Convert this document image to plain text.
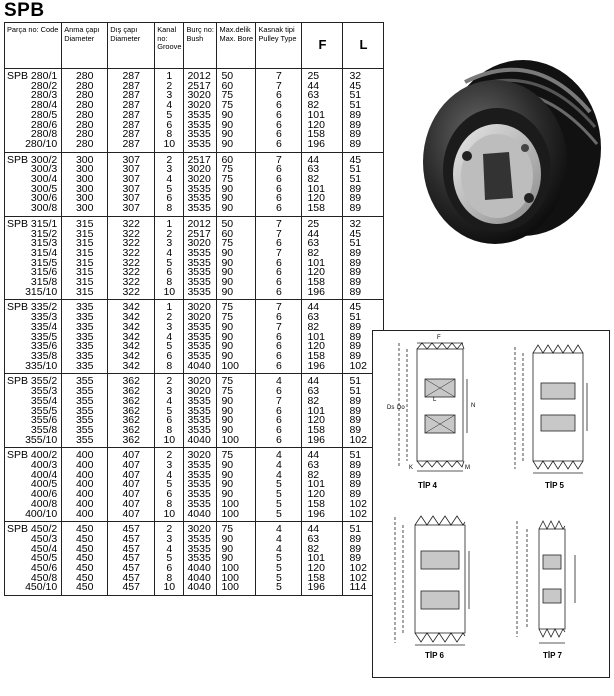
SPB
Parça no: Code	Anma çapı Diameter	Dış çapı Diameter	Kanal no: Groove	Burç no: Bush	Max.delik Max. Bore	Kasnak tipi Pulley Type	F	L
SPB 280/1	280	287	1	2012	50	7	25	32
280/2	280	287	2	2517	60	7	44	45
280/3	280	287	3	3020	75	6	63	51
280/4	280	287	4	3020	75	6	82	51
280/5	280	287	5	3535	90	6	101	89
280/6	280	287	6	3535	90	6	120	89
280/8	280	287	8	3535	90	6	158	89
280/10	280	287	10	3535	90	6	196	89
SPB 300/2	300	307	2	2517	60	7	44	45
300/3	300	307	3	3020	75	6	63	51
300/4	300	307	4	3020	75	6	82	51
300/5	300	307	5	3535	90	6	101	89
300/6	300	307	6	3535	90	6	120	89
300/8	300	307	8	3535	90	6	158	89
SPB 315/1	315	322	1	2012	50	7	25	32
315/2	315	322	2	2517	60	7	44	45
315/3	315	322	3	3020	75	6	63	51
315/4	315	322	4	3535	90	7	82	89
315/5	315	322	5	3535	90	6	101	89
315/6	315	322	6	3535	90	6	120	89
315/8	315	322	8	3535	90	6	158	89
315/10	315	322	10	3535	90	6	196	89
SPB 335/2	335	342	1	3020	75	7	44	45
335/3	335	342	2	3020	75	6	63	51
335/4	335	342	3	3535	90	7	82	89
335/5	335	342	4	3535	90	6	101	89
335/6	335	342	5	3535	90	6	120	89
335/8	335	342	6	3535	90	6	158	89
335/10	335	342	8	4040	100	6	196	102
SPB 355/2	355	362	2	3020	75	4	44	51
355/3	355	362	3	3020	75	6	63	51
355/4	355	362	4	3535	90	7	82	89
355/5	355	362	5	3535	90	6	101	89
355/6	355	362	6	3535	90	6	120	89
355/8	355	362	8	3535	90	6	158	89
355/10	355	362	10	4040	100	6	196	102
SPB 400/2	400	407	2	3020	75	4	44	51
400/3	400	407	3	3535	90	4	63	89
400/4	400	407	4	3535	90	4	82	89
400/5	400	407	5	3535	90	5	101	89
400/6	400	407	6	3535	90	5	120	89
400/8	400	407	8	3535	100	5	158	102
400/10	400	407	10	4040	100	5	196	102
SPB 450/2	450	457	2	3020	75	4	44	51
450/3	450	457	3	3535	90	4	63	89
450/4	450	457	4	3535	90	4	82	89
450/5	450	457	5	3535	90	5	101	89
450/6	450	457	6	4040	100	5	120	102
450/8	450	457	8	4040	100	5	158	102
450/10	450	457	10	4040	100	5	196	114
TİP 4	TİP 5
TİP 6	TİP 7
F
L
N
Ds Do
K	M
